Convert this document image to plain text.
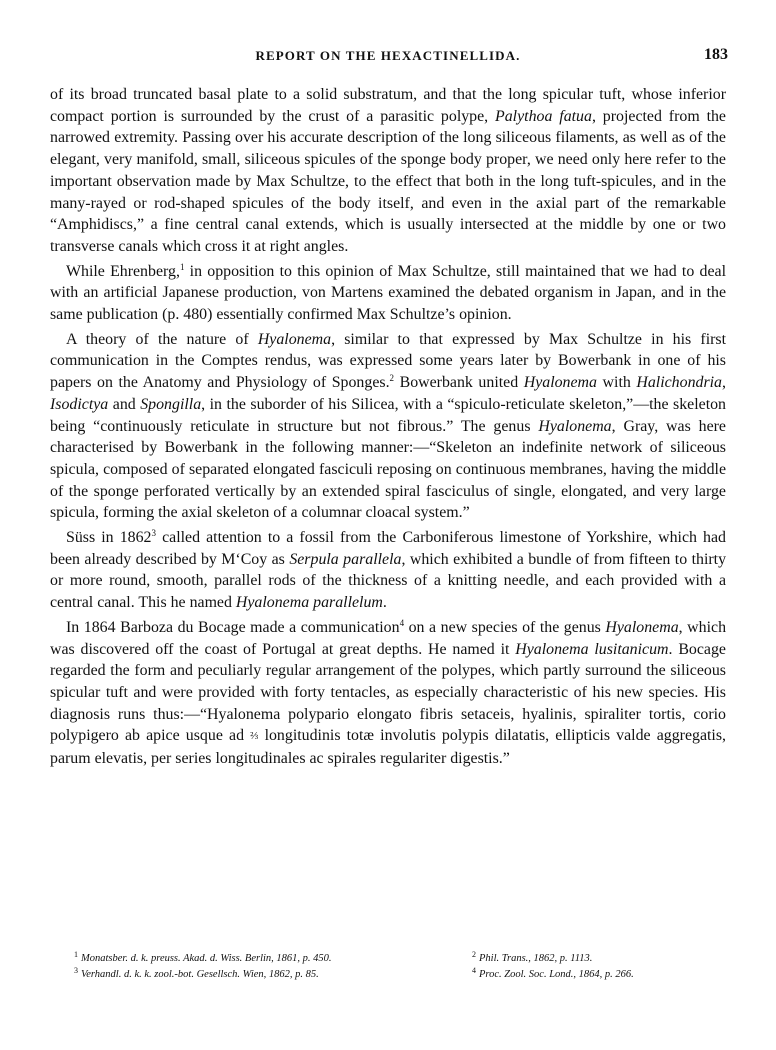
REPORT ON THE HEXACTINELLIDA.	183

of its broad truncated basal plate to a solid substratum, and that the long spicular tuft, whose inferior compact portion is surrounded by the crust of a parasitic polype, Palythoa fatua, projected from the narrowed extremity. Passing over his accurate description of the long siliceous filaments, as well as of the elegant, very manifold, small, siliceous spicules of the sponge body proper, we need only here refer to the important observation made by Max Schultze, to the effect that both in the long tuft-spicules, and in the many-rayed or rod-shaped spicules of the body itself, and even in the axial part of the remarkable “Amphidiscs,” a fine central canal extends, which is usually intersected at the middle by one or two transverse canals which cross it at right angles.

While Ehrenberg,$^1$ in opposition to this opinion of Max Schultze, still maintained that we had to deal with an artificial Japanese production, von Martens examined the debated organism in Japan, and in the same publication (p. 480) essentially confirmed Max Schultze’s opinion.

A theory of the nature of Hyalonema, similar to that expressed by Max Schultze in his first communication in the Comptes rendus, was expressed some years later by Bowerbank in one of his papers on the Anatomy and Physiology of Sponges.$^2$ Bowerbank united Hyalonema with Halichondria, Isodictya and Spongilla, in the suborder of his Silicea, with a “spiculo-reticulate skeleton,”—the skeleton being “continuously reticulate in structure but not fibrous.” The genus Hyalonema, Gray, was here characterised by Bowerbank in the following manner:—“Skeleton an indefinite network of siliceous spicula, composed of separated elongated fasciculi reposing on continuous membranes, having the middle of the sponge perforated vertically by an extended spiral fasciculus of single, elongated, and very large spicula, forming the axial skeleton of a columnar cloacal system.”

Süss in 1862$^3$ called attention to a fossil from the Carboniferous limestone of Yorkshire, which had been already described by M‘Coy as Serpula parallela, which exhibited a bundle of from fifteen to thirty or more round, smooth, parallel rods of the thickness of a knitting needle, and each provided with a central canal. This he named Hyalonema parallelum.

In 1864 Barboza du Bocage made a communication$^4$ on a new species of the genus Hyalonema, which was discovered off the coast of Portugal at great depths. He named it Hyalonema lusitanicum. Bocage regarded the form and peculiarly regular arrangement of the polypes, which partly surround the siliceous spicular tuft and were provided with forty tentacles, as especially characteristic of his new species. His diagnosis runs thus:—“Hyalonema polypario elongato fibris setaceis, hyalinis, spiraliter tortis, corio polypigero ab apice usque ad ⅔ longitudinis totæ involutis polypis dilatatis, ellipticis valde aggregatis, parum elevatis, per series longitudinales ac spirales regulariter digestis.”

$^1$ Monatsber. d. k. preuss. Akad. d. Wiss. Berlin, 1861, p. 450.	$^2$ Phil. Trans., 1862, p. 1113.
$^3$ Verhandl. d. k. k. zool.-bot. Gesellsch. Wien, 1862, p. 85.	$^4$ Proc. Zool. Soc. Lond., 1864, p. 266.
